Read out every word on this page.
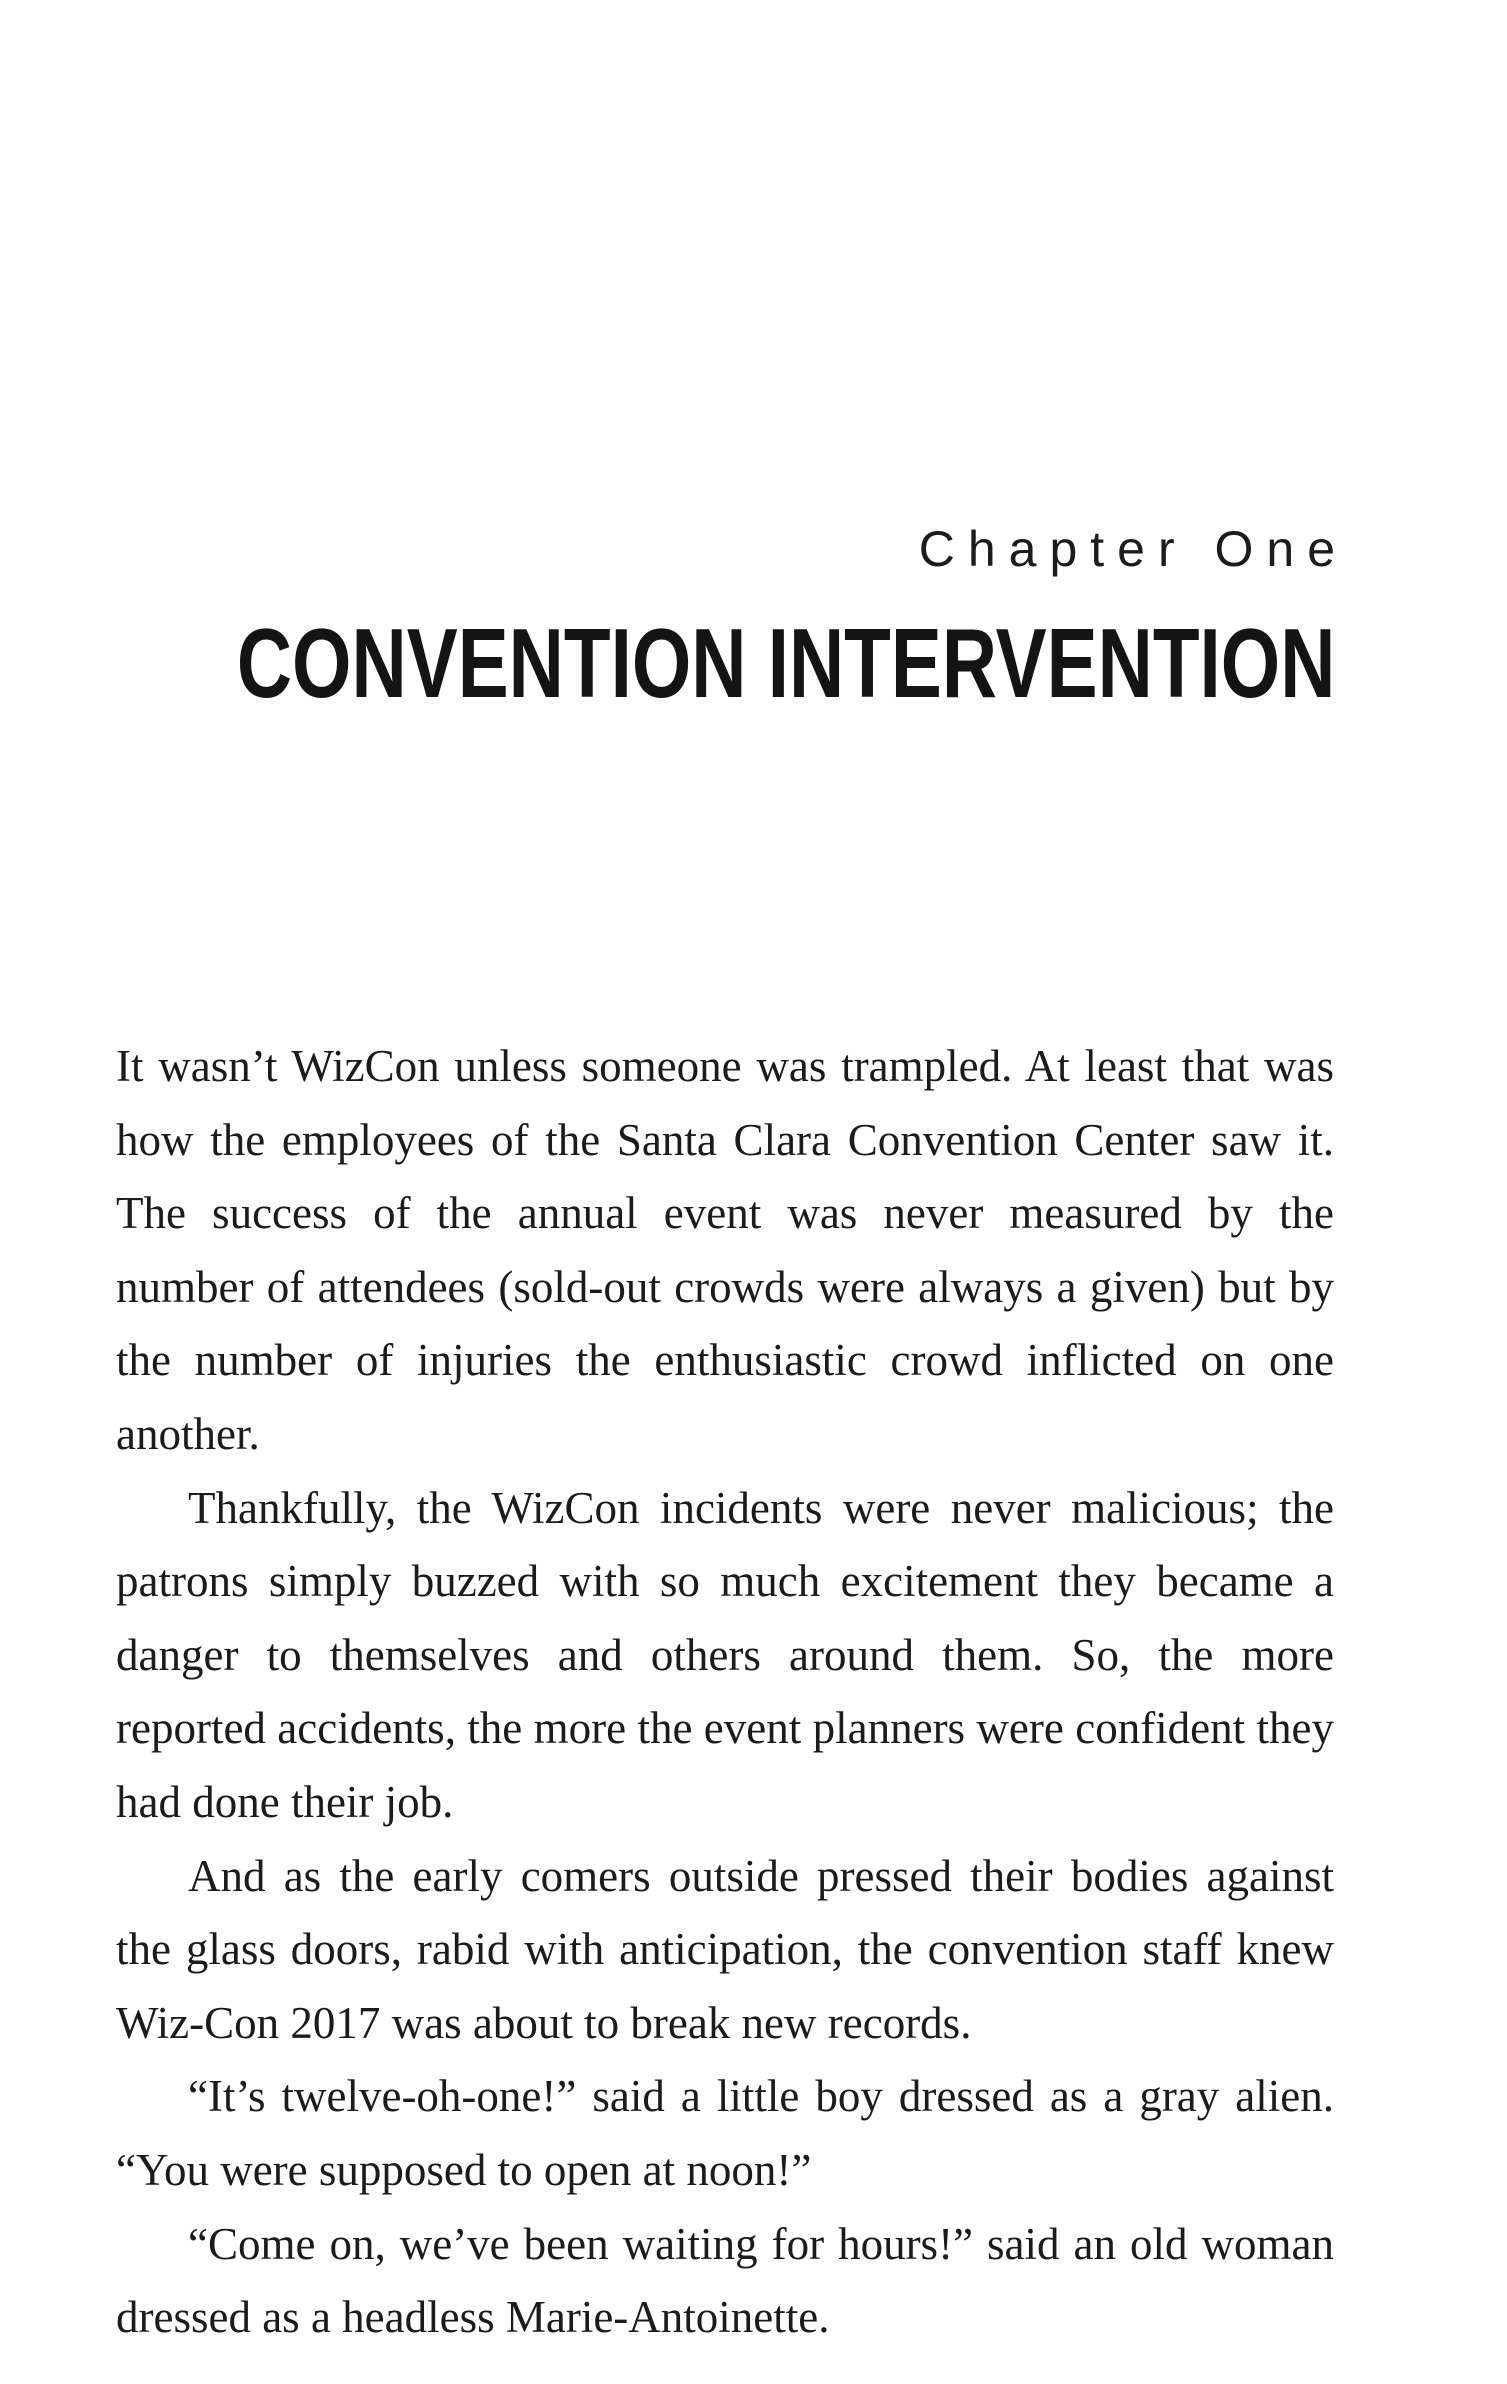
Chapter One
CONVENTION INTERVENTION

It wasn’t WizCon unless someone was trampled. At least that was how the employees of the Santa Clara Convention Center saw it. The success of the annual event was never measured by the number of attendees (sold-out crowds were always a given) but by the number of injuries the enthusiastic crowd inflicted on one another.

Thankfully, the WizCon incidents were never malicious; the patrons simply buzzed with so much excitement they became a danger to themselves and others around them. So, the more reported accidents, the more the event planners were confident they had done their job.

And as the early comers outside pressed their bodies against the glass doors, rabid with anticipation, the convention staff knew Wiz-Con 2017 was about to break new records.

“It’s twelve-oh-one!” said a little boy dressed as a gray alien. “You were supposed to open at noon!”

“Come on, we’ve been waiting for hours!” said an old woman dressed as a headless Marie-Antoinette.
